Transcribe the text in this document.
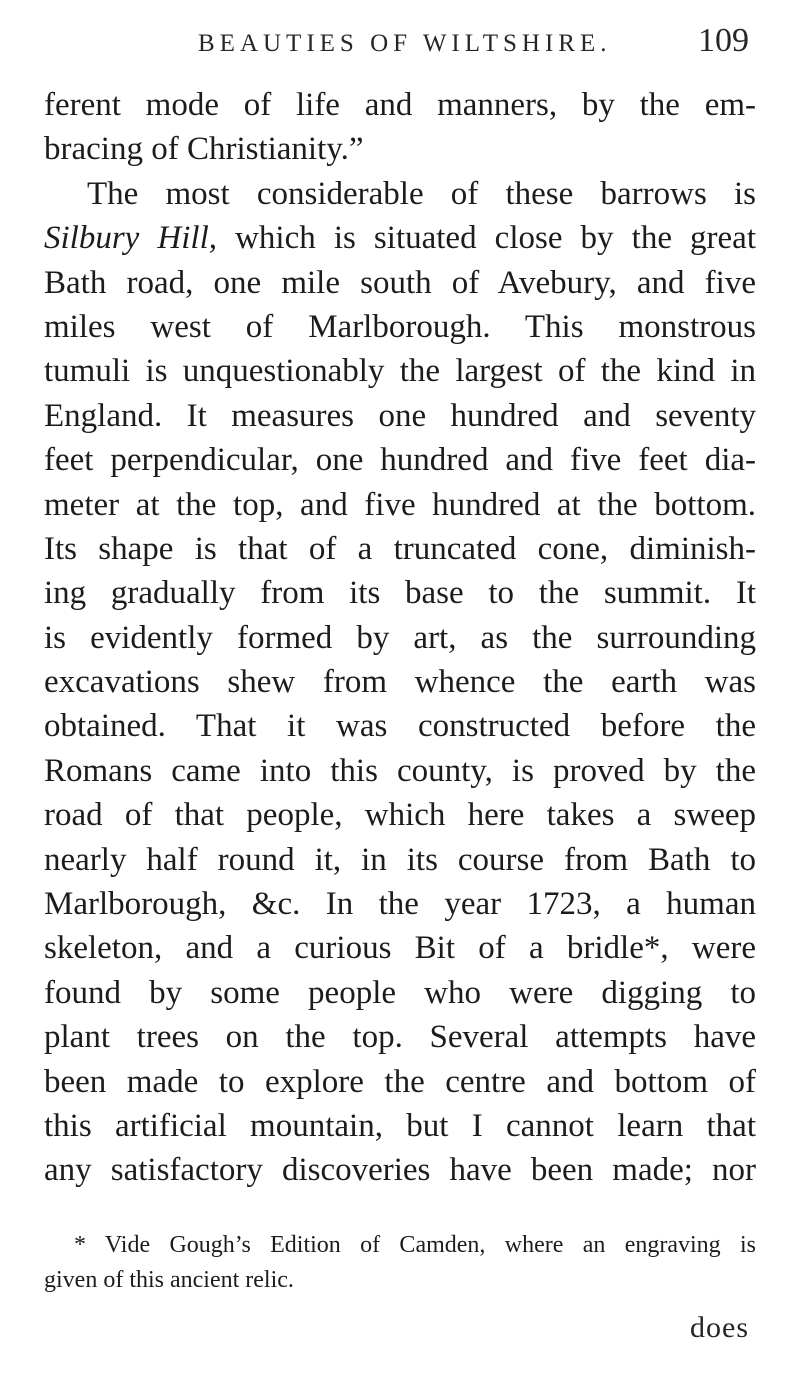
BEAUTIES OF WILTSHIRE.	109
ferent mode of life and manners, by the em-
bracing of Christianity.”
The most considerable of these barrows is
Silbury Hill, which is situated close by the great
Bath road, one mile south of Avebury, and five
miles west of Marlborough. This monstrous
tumuli is unquestionably the largest of the kind in
England. It measures one hundred and seventy
feet perpendicular, one hundred and five feet dia-
meter at the top, and five hundred at the bottom.
Its shape is that of a truncated cone, diminish-
ing gradually from its base to the summit. It
is evidently formed by art, as the surrounding
excavations shew from whence the earth was
obtained. That it was constructed before the
Romans came into this county, is proved by the
road of that people, which here takes a sweep
nearly half round it, in its course from Bath to
Marlborough, &c. In the year 1723, a human
skeleton, and a curious Bit of a bridle*, were
found by some people who were digging to
plant trees on the top. Several attempts have
been made to explore the centre and bottom of
this artificial mountain, but I cannot learn that
any satisfactory discoveries have been made; nor
* Vide Gough’s Edition of Camden, where an engraving is
given of this ancient relic.
does
